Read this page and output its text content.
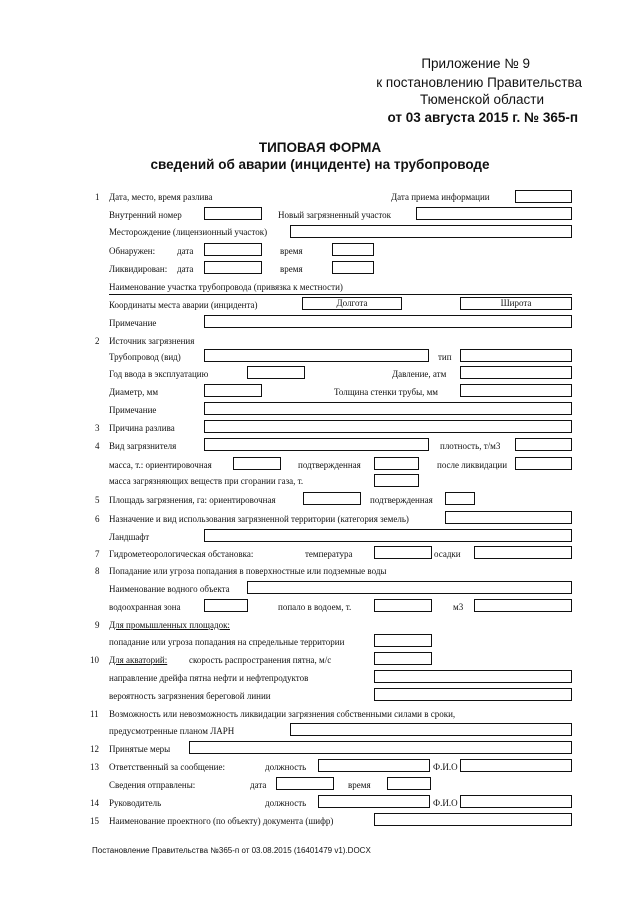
Приложение № 9
к постановлению Правительства
Тюменской области
от 03 августа 2015 г. № 365-п
ТИПОВАЯ ФОРМА
сведений об аварии (инциденте) на трубопроводе
1 Дата, место, время разлива	Дата приема информации
Внутренний номер	Новый загрязненный участок
Месторождение (лицензионный участок)
Обнаружен: дата	время
Ликвидирован: дата	время
Наименование участка трубопровода (привязка к местности)
Координаты места аварии (инцидента)	Долгота	Широта
Примечание
2 Источник загрязнения
Трубопровод (вид)	тип
Год ввода в эксплуатацию	Давление, атм
Диаметр, мм	Толщина стенки трубы, мм
Примечание
3 Причина разлива
4 Вид загрязнителя	плотность, т/м3
масса, т.: ориентировочная	подтвержденная	после ликвидации
масса загрязняющих веществ при сгорании газа, т.
5 Площадь загрязнения, га: ориентировочная	подтвержденная
6 Назначение и вид использования загрязненной территории (категория земель)
Ландшафт
7 Гидрометеорологическая обстановка:	температура	осадки
8 Попадание или угроза попадания в поверхностные или подземные воды
Наименование водного объекта
водоохранная зона	попало в водоем, т.	м3
9 Для промышленных площадок:
попадание или угроза попадания на спредельные территории
10 Для акваторий: скорость распространения пятна, м/с
направление дрейфа пятна нефти и нефтепродуктов
вероятность загрязнения береговой линии
11 Возможность или невозможность ликвидации загрязнения собственными силами в сроки,
предусмотренные планом ЛАРН
12 Принятые меры
13 Ответственный за сообщение:	должность	Ф.И.О
Сведения отправлены:	дата	время
14 Руководитель	должность	Ф.И.О
15 Наименование проектного (по объекту) документа (шифр)
Постановление Правительства №365-п от 03.08.2015 (16401479 v1).DOCX
